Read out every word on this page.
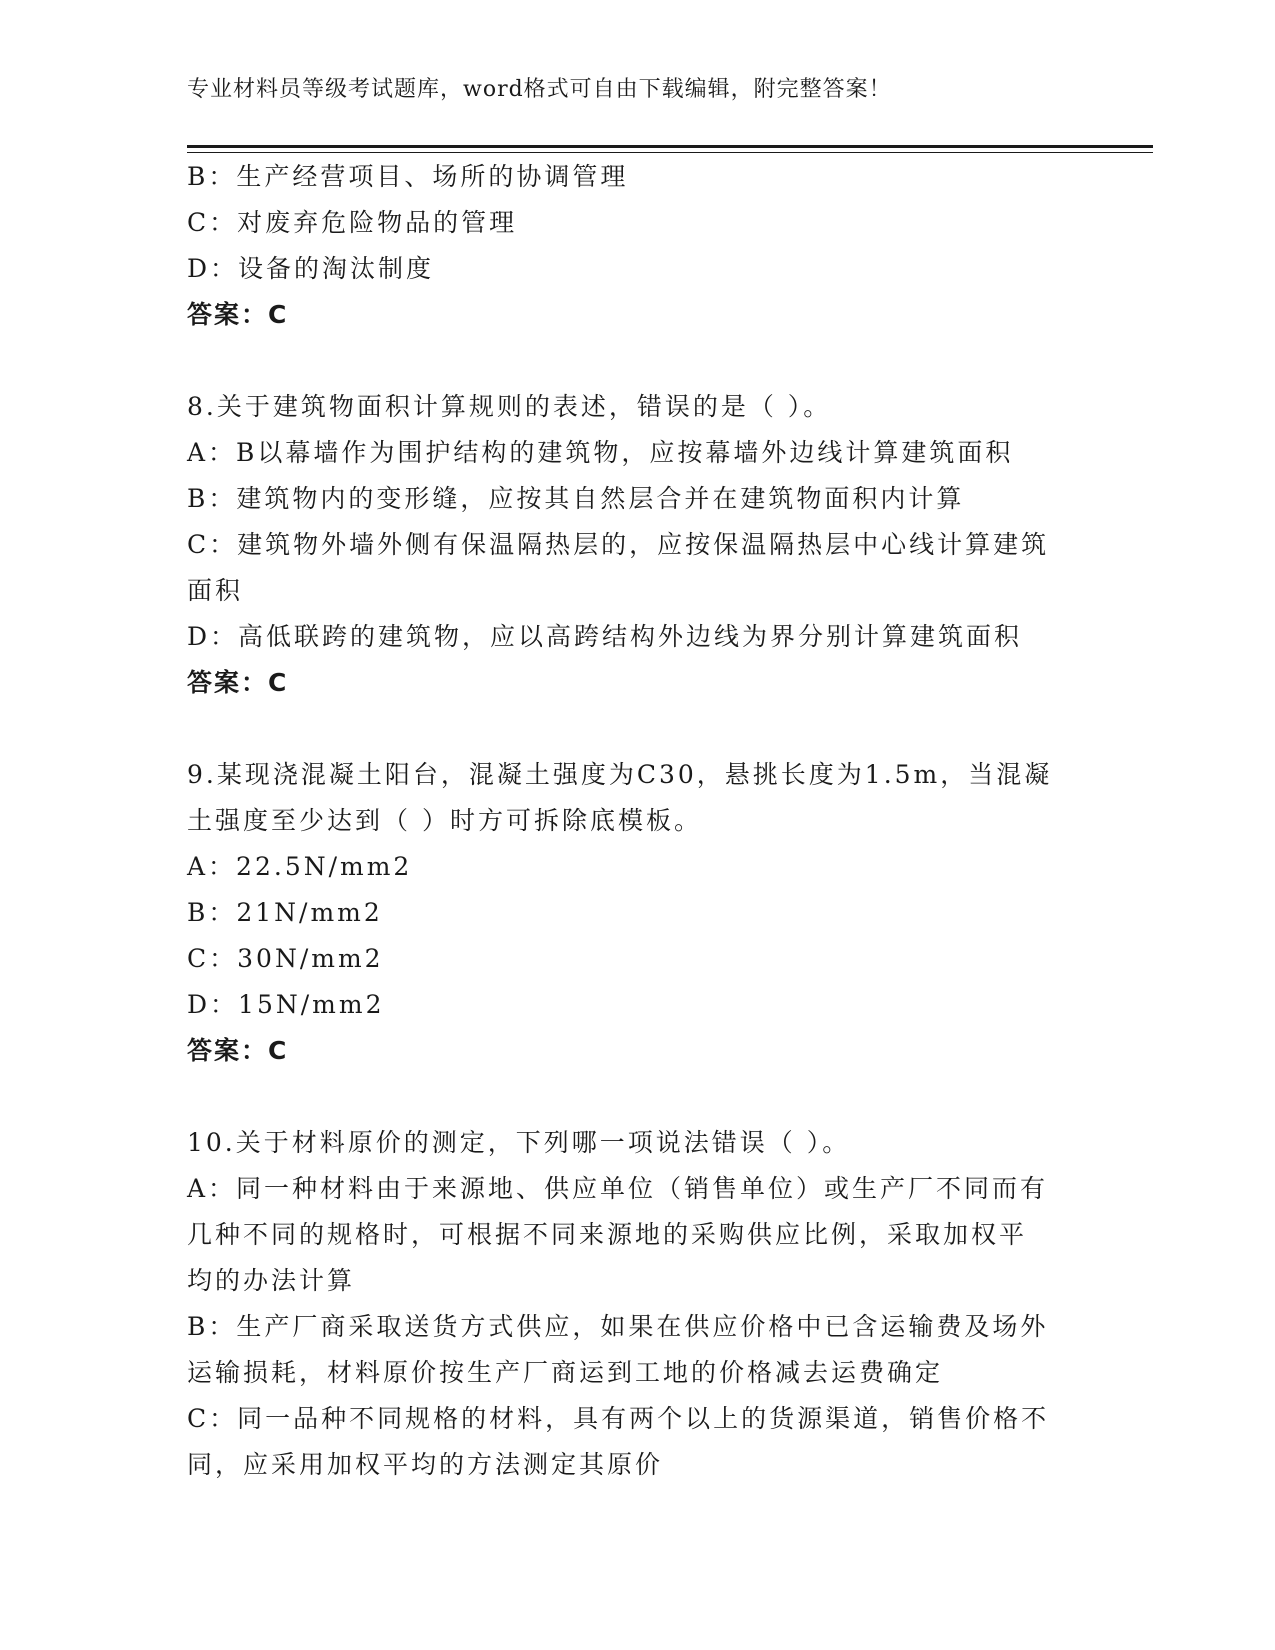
专业材料员等级考试题库，word格式可自由下载编辑，附完整答案！
B：生产经营项目、场所的协调管理
C：对废弃危险物品的管理
D：设备的淘汰制度
答案：C
8.关于建筑物面积计算规则的表述，错误的是（ ）。
A：B以幕墙作为围护结构的建筑物，应按幕墙外边线计算建筑面积
B：建筑物内的变形缝，应按其自然层合并在建筑物面积内计算
C：建筑物外墙外侧有保温隔热层的，应按保温隔热层中心线计算建筑
面积
D：高低联跨的建筑物，应以高跨结构外边线为界分别计算建筑面积
答案：C
9.某现浇混凝土阳台，混凝土强度为C30，悬挑长度为1.5m，当混凝
土强度至少达到（ ）时方可拆除底模板。
A：22.5N/mm2
B：21N/mm2
C：30N/mm2
D：15N/mm2
答案：C
10.关于材料原价的测定，下列哪一项说法错误（ ）。
A：同一种材料由于来源地、供应单位（销售单位）或生产厂不同而有
几种不同的规格时，可根据不同来源地的采购供应比例，采取加权平
均的办法计算
B：生产厂商采取送货方式供应，如果在供应价格中已含运输费及场外
运输损耗，材料原价按生产厂商运到工地的价格减去运费确定
C：同一品种不同规格的材料，具有两个以上的货源渠道，销售价格不
同，应采用加权平均的方法测定其原价
